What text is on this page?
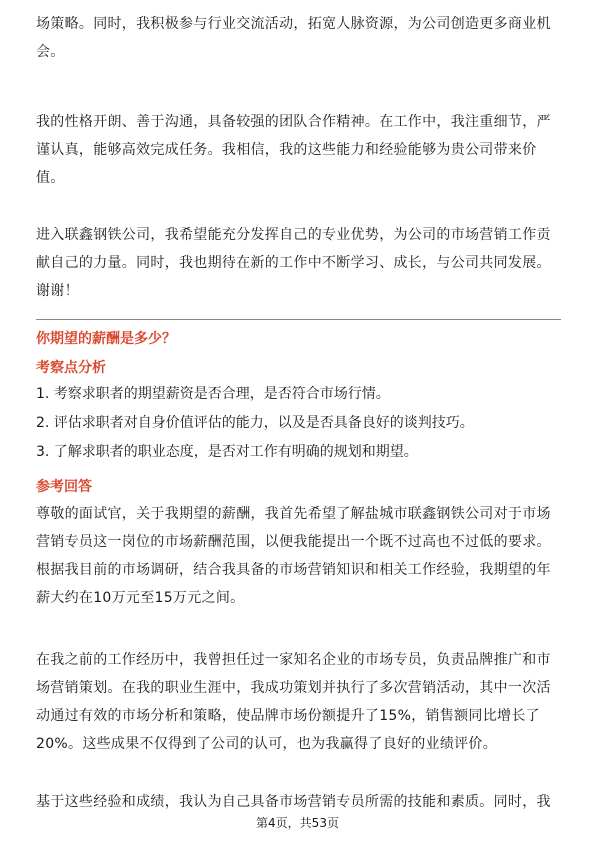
场策略。同时，我积极参与行业交流活动，拓宽人脉资源，为公司创造更多商业机会。

我的性格开朗、善于沟通，具备较强的团队合作精神。在工作中，我注重细节，严谨认真，能够高效完成任务。我相信，我的这些能力和经验能够为贵公司带来价值。

进入联鑫钢铁公司，我希望能充分发挥自己的专业优势，为公司的市场营销工作贡献自己的力量。同时，我也期待在新的工作中不断学习、成长，与公司共同发展。谢谢！

你期望的薪酬是多少？

考察点分析

1. 考察求职者的期望薪资是否合理，是否符合市场行情。

2. 评估求职者对自身价值评估的能力，以及是否具备良好的谈判技巧。

3. 了解求职者的职业态度，是否对工作有明确的规划和期望。

参考回答

尊敬的面试官，关于我期望的薪酬，我首先希望了解盐城市联鑫钢铁公司对于市场营销专员这一岗位的市场薪酬范围，以便我能提出一个既不过高也不过低的要求。根据我目前的市场调研，结合我具备的市场营销知识和相关工作经验，我期望的年薪大约在10万元至15万元之间。

在我之前的工作经历中，我曾担任过一家知名企业的市场专员，负责品牌推广和市场营销策划。在我的职业生涯中，我成功策划并执行了多次营销活动，其中一次活动通过有效的市场分析和策略，使品牌市场份额提升了15%，销售额同比增长了20%。这些成果不仅得到了公司的认可，也为我赢得了良好的业绩评价。

基于这些经验和成绩，我认为自己具备市场营销专员所需的技能和素质。同时，我

第4页，共53页
